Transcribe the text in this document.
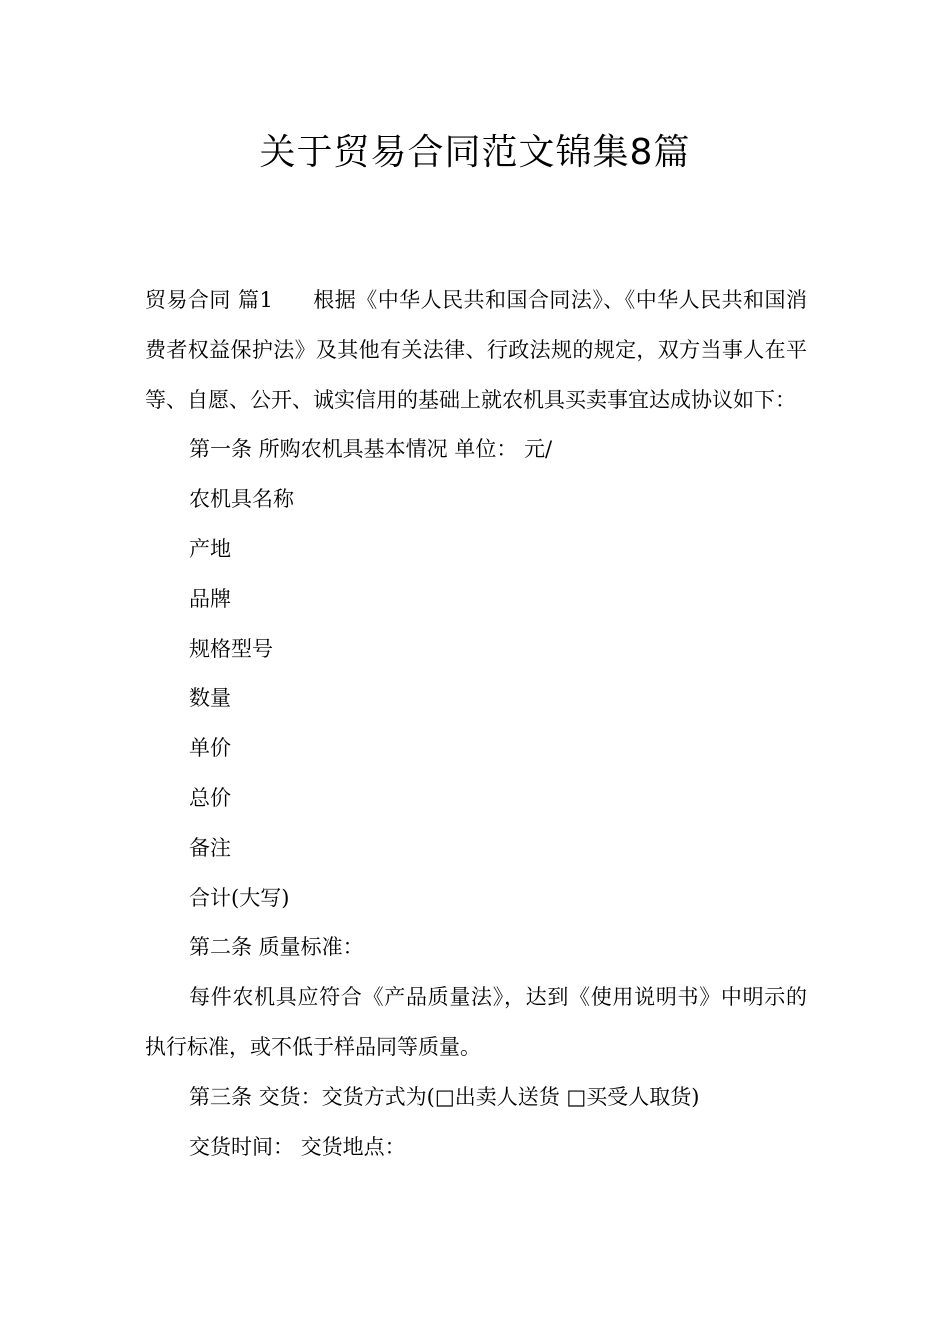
关于贸易合同范文锦集8篇

贸易合同 篇1 根据《中华人民共和国合同法》、《中华人民共和国消费者权益保护法》及其他有关法律、行政法规的规定，双方当事人在平等、自愿、公开、诚实信用的基础上就农机具买卖事宜达成协议如下：

第一条 所购农机具基本情况 单位： 元/

农机具名称

产地

品牌

规格型号

数量

单价

总价

备注

合计(大写)

第二条 质量标准：

每件农机具应符合《产品质量法》，达到《使用说明书》中明示的执行标准，或不低于样品同等质量。

第三条 交货：交货方式为(□出卖人送货 □买受人取货)

交货时间： 交货地点：
